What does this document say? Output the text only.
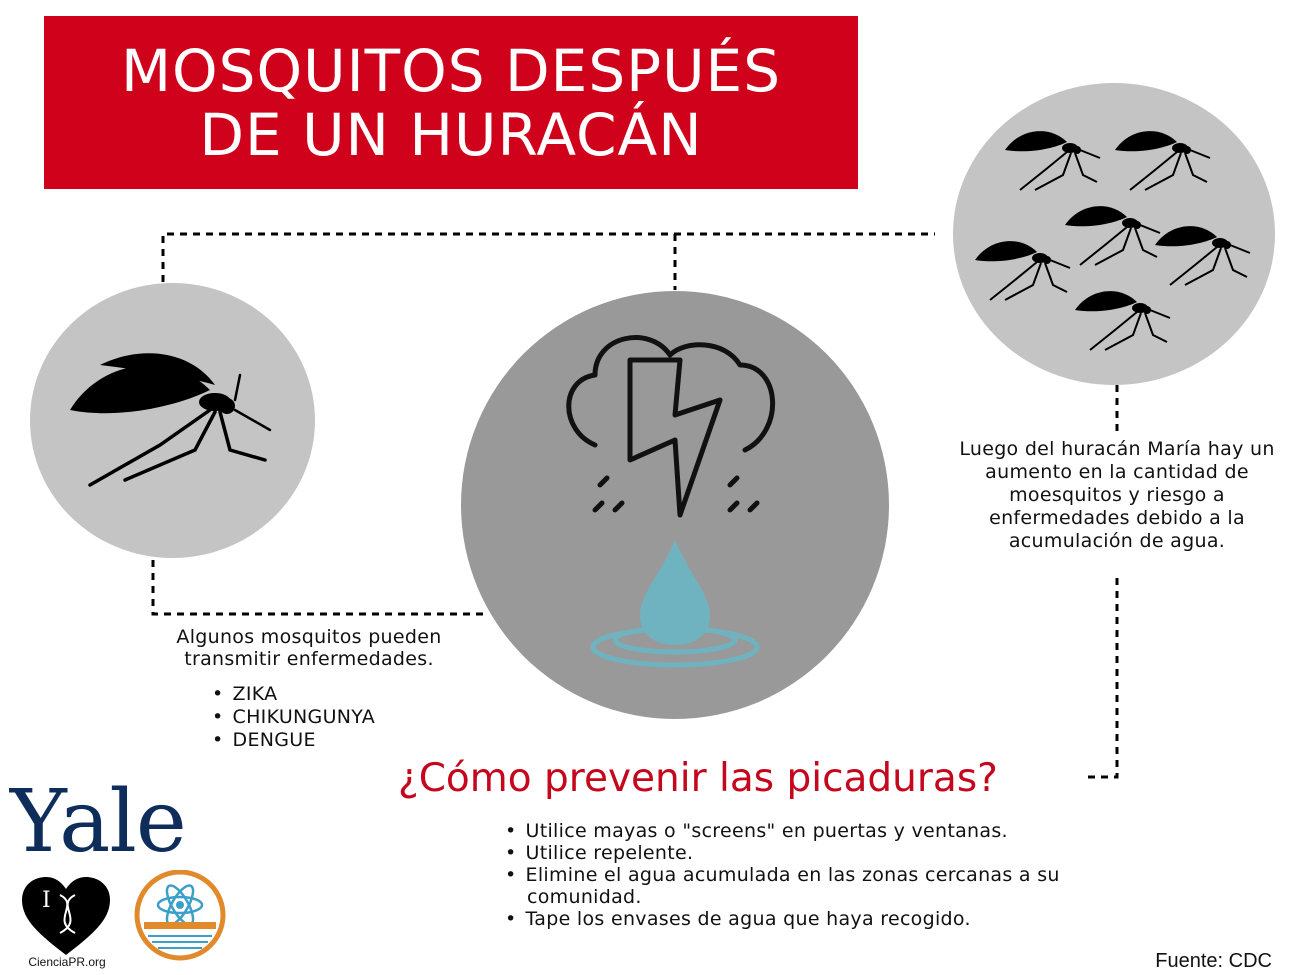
MOSQUITOS DESPUÉS
DE UN HURACÁN
Luego del huracán María hay un aumento en la cantidad de moesquitos y riesgo a enfermedades debido a la acumulación de agua.

Algunos mosquitos pueden

transmitir enfermedades.

• ZIKA
• CHIKUNGUNYA
• DENGUE
¿Cómo prevenir las picaduras?
• Utilice mayas o "screens" en puertas y ventanas.
• Utilice repelente.
• Elimine el agua acumulada en las zonas cercanas a su comunidad.
• Tape los envases de agua que haya recogido.
Yale
I
CienciaPR.org	Fuente: CDC
